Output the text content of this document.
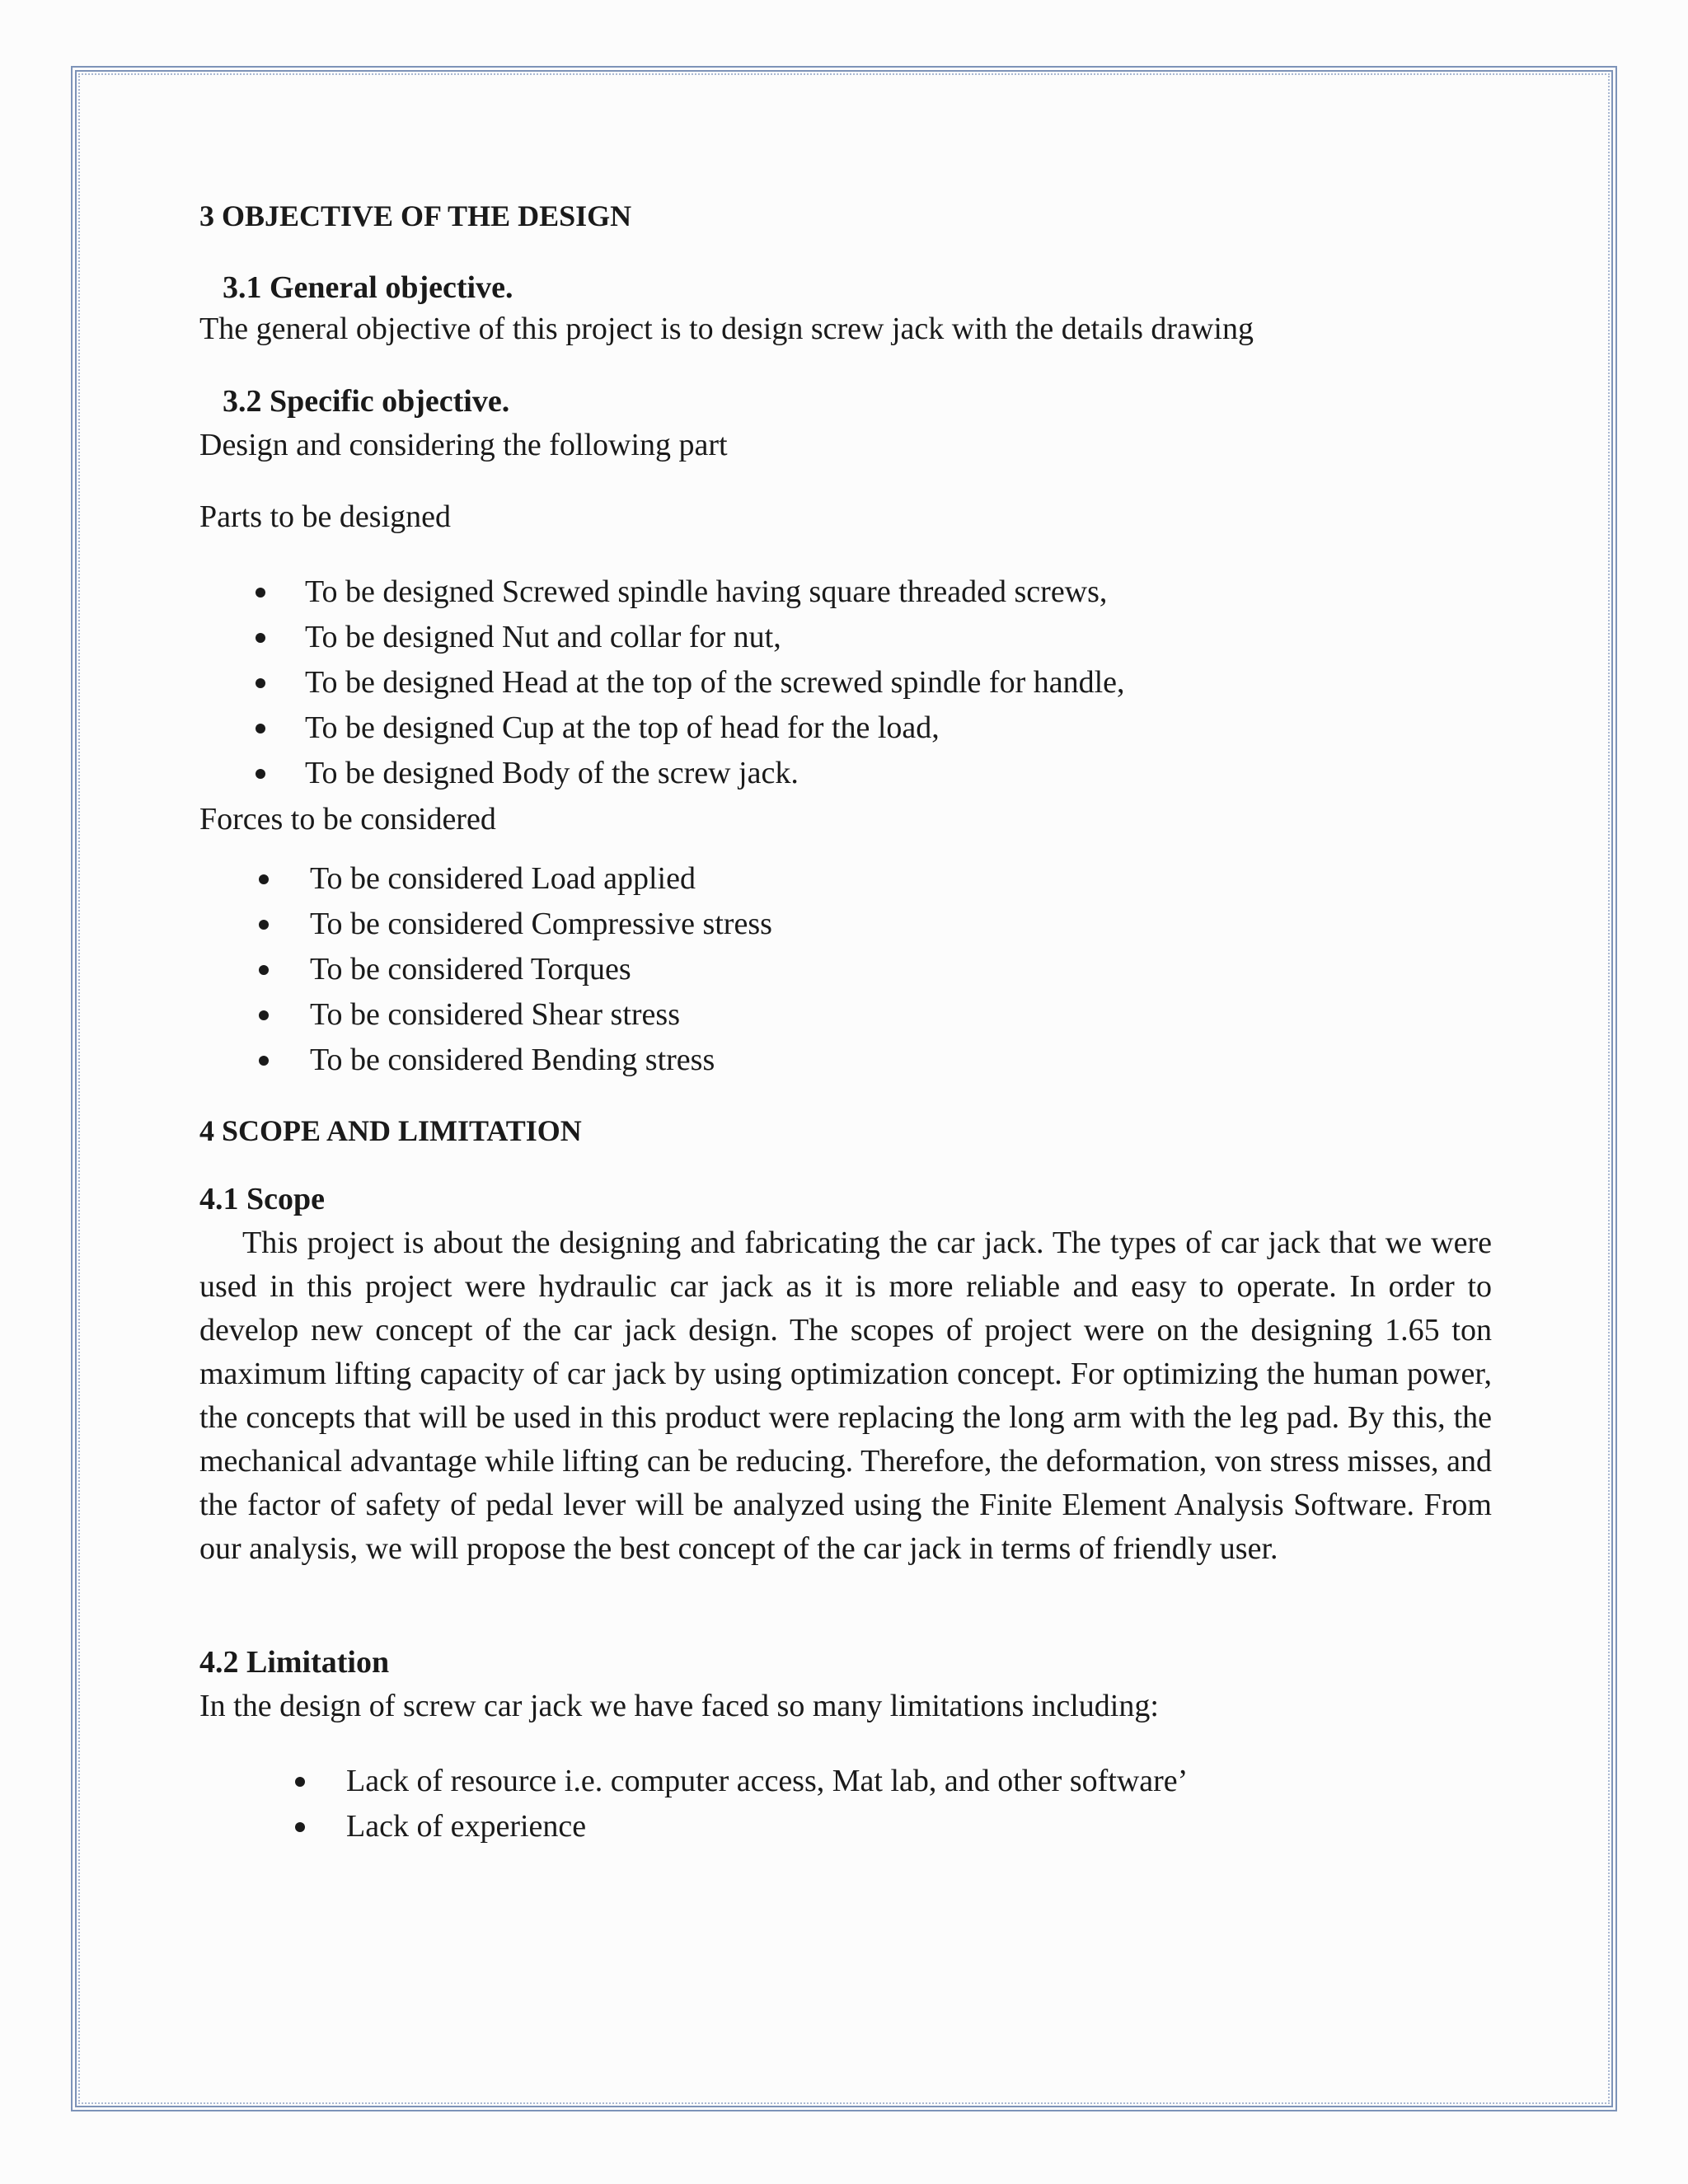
3 OBJECTIVE OF THE DESIGN
3.1 General objective.
The general objective of this project is to design screw jack with the details drawing
3.2 Specific objective.
Design and considering the following part
Parts to be designed
To be designed Screwed spindle having square threaded screws,
To be designed Nut and collar for nut,
To be designed Head at the top of the screwed spindle for handle,
To be designed Cup at the top of head for the load,
To be designed Body of the screw jack.
Forces to be considered
To be considered Load applied
To be considered Compressive stress
To be considered Torques
To be considered Shear stress
To be considered Bending stress
4 SCOPE AND LIMITATION
4.1 Scope
This project is about the designing and fabricating the car jack. The types of car jack that we were used in this project were hydraulic car jack as it is more reliable and easy to operate. In order to develop new concept of the car jack design. The scopes of project were on the designing 1.65 ton maximum lifting capacity of car jack by using optimization concept. For optimizing the human power, the concepts that will be used in this product were replacing the long arm with the leg pad. By this, the mechanical advantage while lifting can be reducing. Therefore, the deformation, von stress misses, and the factor of safety of pedal lever will be analyzed using the Finite Element Analysis Software. From our analysis, we will propose the best concept of the car jack in terms of friendly user.
4.2 Limitation
In the design of screw car jack we have faced so many limitations including:
Lack of resource i.e. computer access, Mat lab, and other software’
Lack of experience
